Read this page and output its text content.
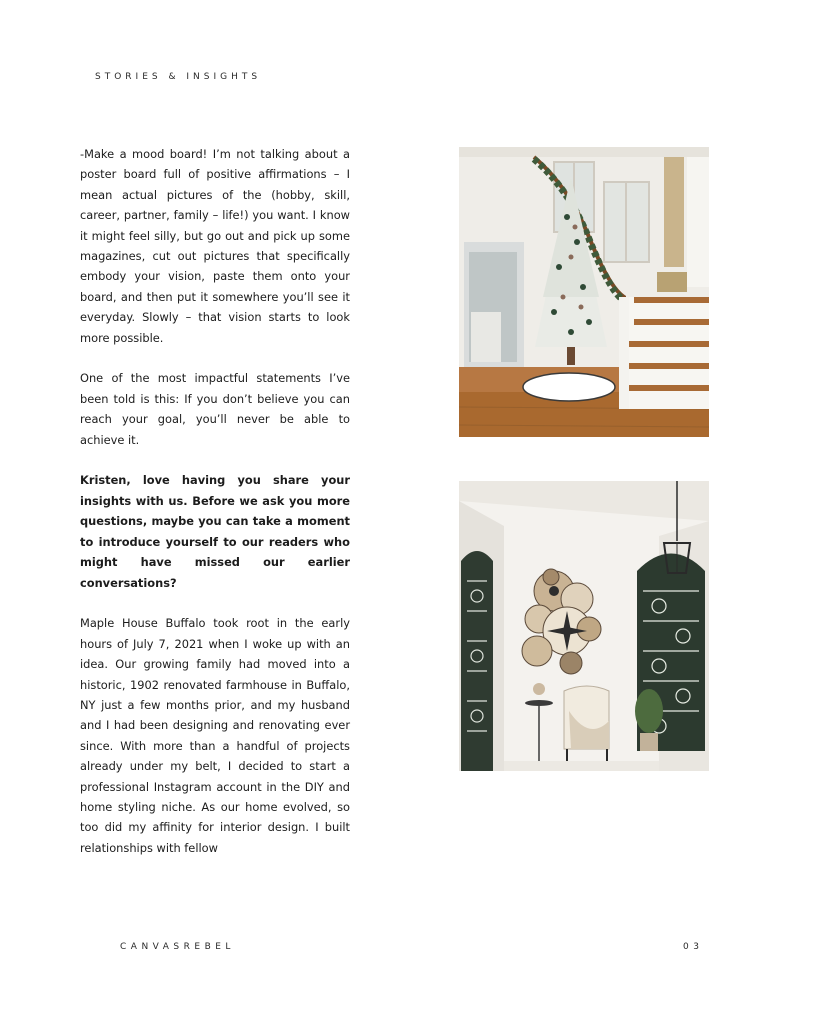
STORIES & INSIGHTS

-Make a mood board! I’m not talking about a poster board full of positive affirmations – I mean actual pictures of the (hobby, skill, career, partner, family – life!) you want. I know it might feel silly, but go out and pick up some magazines, cut out pictures that specifically embody your vision, paste them onto your board, and then put it somewhere you’ll see it everyday. Slowly – that vision starts to look more possible.

One of the most impactful statements I’ve been told is this: If you don’t believe you can reach your goal, you’ll never be able to achieve it.

Kristen, love having you share your insights with us. Before we ask you more questions, maybe you can take a moment to introduce yourself to our readers who might have missed our earlier conversations?

Maple House Buffalo took root in the early hours of July 7, 2021 when I woke up with an idea. Our growing family had moved into a historic, 1902 renovated farmhouse in Buffalo, NY just a few months prior, and my husband and I had been designing and renovating ever since. With more than a handful of projects already under my belt, I decided to start a professional Instagram account in the DIY and home styling niche. As our home evolved, so too did my affinity for interior design. I built relationships with fellow

CANVASREBEL	03
